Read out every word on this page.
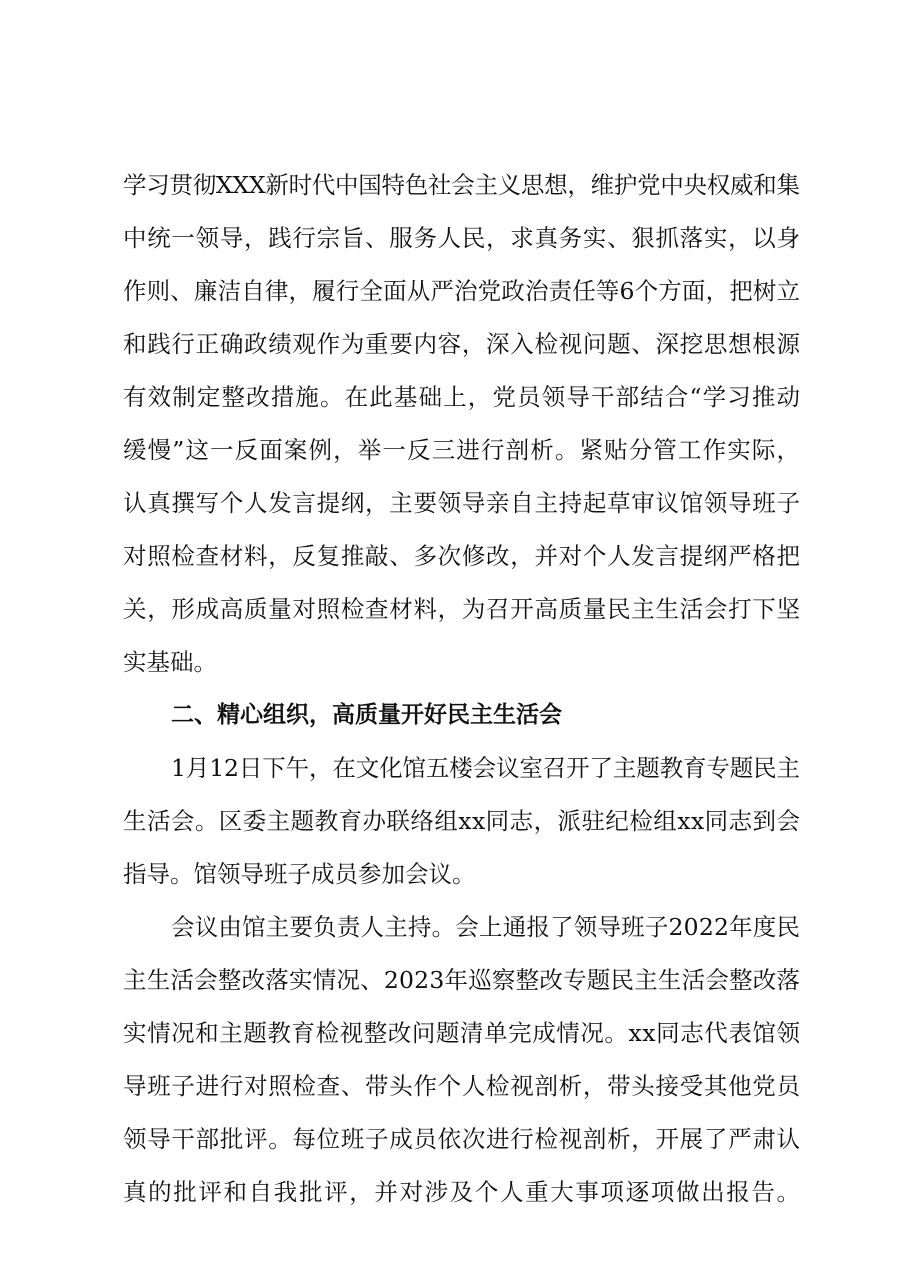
学习贯彻XXX新时代中国特色社会主义思想，维护党中央权威和集
中统一领导，践行宗旨、服务人民，求真务实、狠抓落实，以身
作则、廉洁自律，履行全面从严治党政治责任等6个方面，把树立
和践行正确政绩观作为重要内容，深入检视问题、深挖思想根源
有效制定整改措施。在此基础上，党员领导干部结合“学习推动
缓慢”这一反面案例，举一反三进行剖析。紧贴分管工作实际，
认真撰写个人发言提纲，主要领导亲自主持起草审议馆领导班子
对照检查材料，反复推敲、多次修改，并对个人发言提纲严格把
关，形成高质量对照检查材料，为召开高质量民主生活会打下坚
实基础。
二、精心组织，高质量开好民主生活会
1月12日下午，在文化馆五楼会议室召开了主题教育专题民主
生活会。区委主题教育办联络组xx同志，派驻纪检组xx同志到会
指导。馆领导班子成员参加会议。
会议由馆主要负责人主持。会上通报了领导班子2022年度民
主生活会整改落实情况、2023年巡察整改专题民主生活会整改落
实情况和主题教育检视整改问题清单完成情况。xx同志代表馆领
导班子进行对照检查、带头作个人检视剖析，带头接受其他党员
领导干部批评。每位班子成员依次进行检视剖析，开展了严肃认
真的批评和自我批评，并对涉及个人重大事项逐项做出报告。
